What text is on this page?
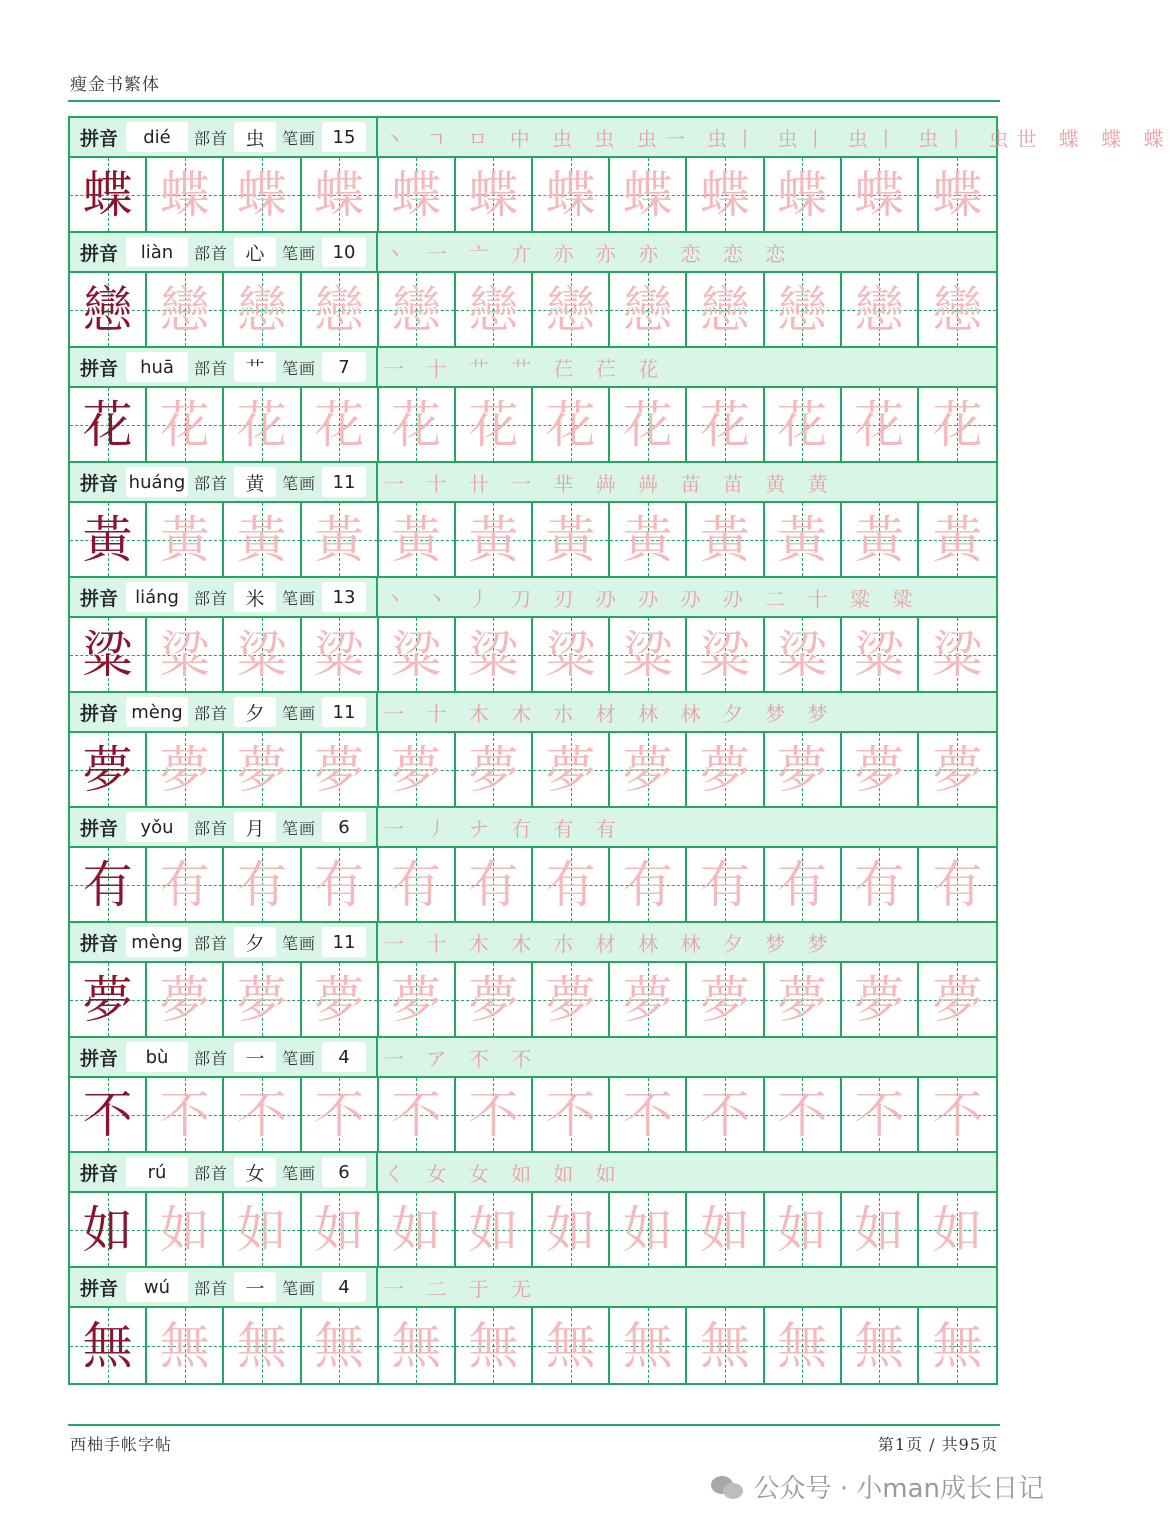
瘦金书繁体
拼音	dié	部首 虫	笔画 15	丶 ㄱ ㅁ 中 虫 虫 虫一 虫丨 虫丨 虫丨 虫丨 虫世 蝶 蝶 蝶
蝶 蝶 蝶 蝶 蝶 蝶 蝶 蝶 蝶 蝶 蝶 蝶
拼音	liàn	部首 心	笔画 10	丶 一 亠 亣 亦 亦 亦 恋 恋 恋
戀 戀 戀 戀 戀 戀 戀 戀 戀 戀 戀 戀
拼音	huā	部首 艹	笔画	7	一 十 艹 艹 芢 芢 花
花 花 花 花 花 花 花 花 花 花 花 花
拼音 huáng 部首 黄	笔画 11	一 十 卄 一 芈 芔 芔 苗 苗 黄 黄
黃 黃 黃 黃 黃 黃 黃 黃 黃 黃 黃 黃
拼音 liáng 部首 米	笔画 13	丶 丶 丿 刀 刃 刅 刅 刅 刅 二 十 粱 粱
粱 粱 粱 粱 粱 粱 粱 粱 粱 粱 粱 粱
拼音 mèng 部首 夕	笔画 11	一 十 木 木 朩 材 林 林 夕 梦 梦
夢 夢 夢 夢 夢 夢 夢 夢 夢 夢 夢 夢
拼音	yǒu	部首 月	笔画	6	一 丿 ナ 冇 有 有
有 有 有 有 有 有 有 有 有 有 有 有
拼音 mèng 部首 夕	笔画 11	一 十 木 木 朩 材 林 林 夕 梦 梦
夢 夢 夢 夢 夢 夢 夢 夢 夢 夢 夢 夢
拼音	bù	部首 一	笔画	4	一 ア 不 不
不 不 不 不 不 不 不 不 不 不 不 不
拼音	rú	部首 女	笔画	6	く 女 女 如 如 如
如 如 如 如 如 如 如 如 如 如 如 如
拼音	wú	部首 一	笔画	4	一 二 于 无
無 無 無 無 無 無 無 無 無 無 無 無
西柚手帐字帖	第1页 / 共95页
公众号 · 小man成长日记
